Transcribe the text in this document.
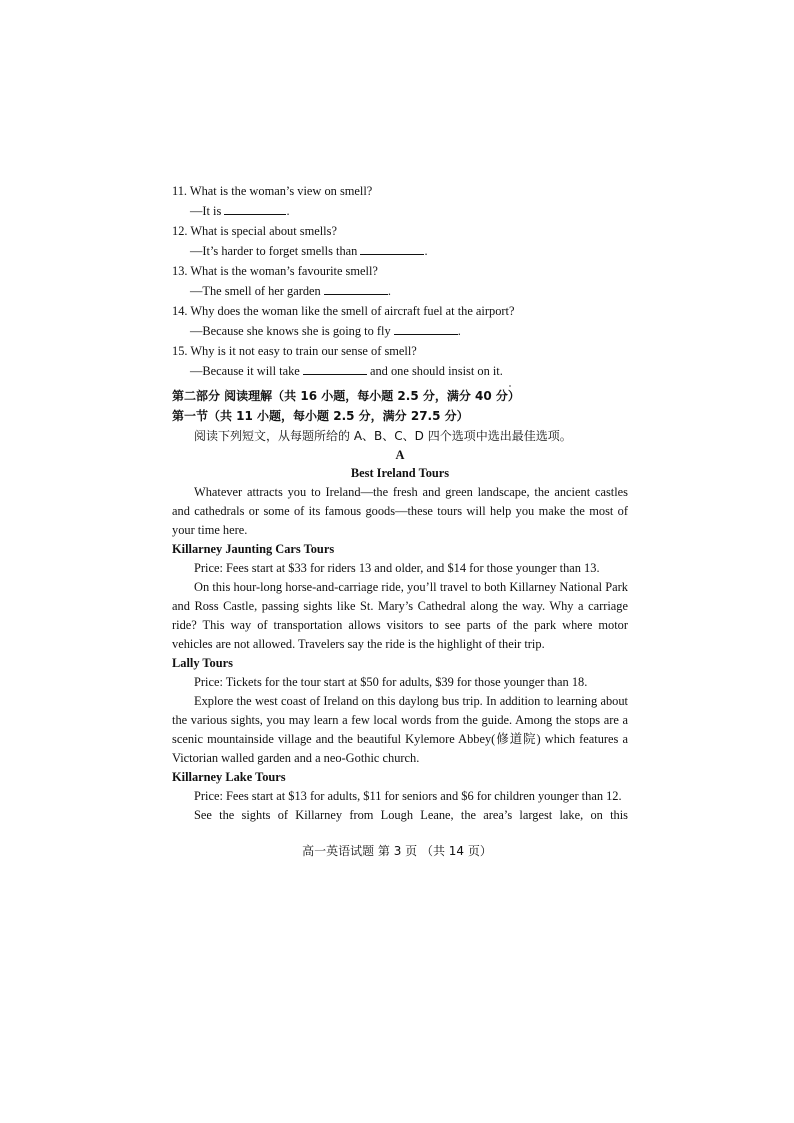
11. What is the woman’s view on smell?
—It is	.
12. What is special about smells?
—It’s harder to forget smells than	.
13. What is the woman’s favourite smell?
—The smell of her garden	.
14. Why does the woman like the smell of aircraft fuel at the airport?
—Because she knows she is going to fly	.
15. Why is it not easy to train our sense of smell?
—Because it will take	and one should insist on it.
第二部分 阅读理解（共 16 小题，每小题 2.5 分，满分 40 分）
第一节（共 11 小题，每小题 2.5 分，满分 27.5 分）
阅读下列短文，从每题所给的 A、B、C、D 四个选项中选出最佳选项。
A
Best Ireland Tours

Whatever attracts you to Ireland—the fresh and green landscape, the ancient castles and cathedrals or some of its famous goods—these tours will help you make the most of your time here.

Killarney Jaunting Cars Tours

Price: Fees start at $33 for riders 13 and older, and $14 for those younger than 13.

On this hour-long horse-and-carriage ride, you’ll travel to both Killarney National Park and Ross Castle, passing sights like St. Mary’s Cathedral along the way. Why a carriage ride? This way of transportation allows visitors to see parts of the park where motor vehicles are not allowed. Travelers say the ride is the highlight of their trip.

Lally Tours

Price: Tickets for the tour start at $50 for adults, $39 for those younger than 18.

Explore the west coast of Ireland on this daylong bus trip. In addition to learning about the various sights, you may learn a few local words from the guide. Among the stops are a scenic mountainside village and the beautiful Kylemore Abbey(修道院) which features a Victorian walled garden and a neo-Gothic church.

Killarney Lake Tours

Price: Fees start at $13 for adults, $11 for seniors and $6 for children younger than 12.

See the sights of Killarney from Lough Leane, the area’s largest lake, on this

高一英语试题 第 3 页 （共 14 页）
